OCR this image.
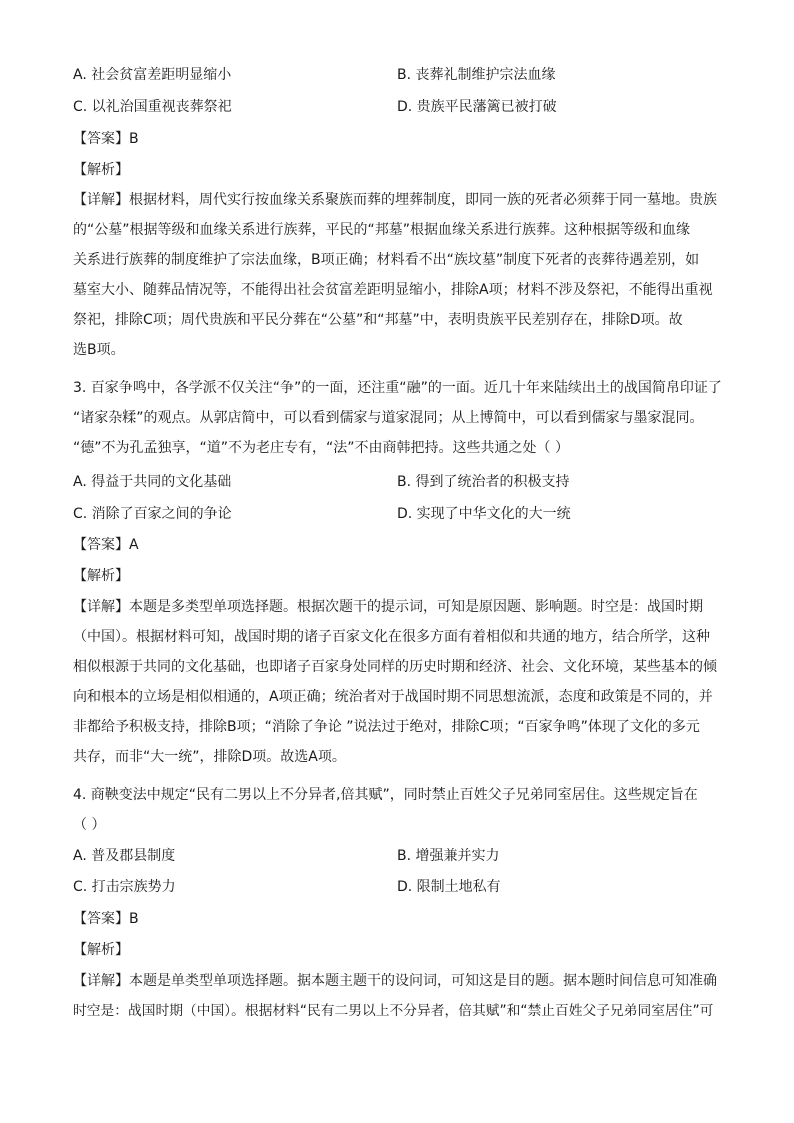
A. 社会贫富差距明显缩小	B. 丧葬礼制维护宗法血缘
C. 以礼治国重视丧葬祭祀	D. 贵族平民藩篱已被打破
【答案】B
【解析】
【详解】根据材料，周代实行按血缘关系聚族而葬的埋葬制度，即同一族的死者必须葬于同一墓地。贵族
的“公墓”根据等级和血缘关系进行族葬，平民的“邦墓”根据血缘关系进行族葬。这种根据等级和血缘
关系进行族葬的制度维护了宗法血缘，B项正确；材料看不出“族坟墓”制度下死者的丧葬待遇差别，如
墓室大小、随葬品情况等，不能得出社会贫富差距明显缩小，排除A项；材料不涉及祭祀，不能得出重视
祭祀，排除C项；周代贵族和平民分葬在“公墓”和“邦墓”中，表明贵族平民差别存在，排除D项。故
选B项。
3. 百家争鸣中，各学派不仅关注“争”的一面，还注重“融”的一面。近几十年来陆续出土的战国简帛印证了
“诸家杂糅”的观点。从郭店简中，可以看到儒家与道家混同；从上博简中，可以看到儒家与墨家混同。
“德”不为孔孟独享，“道”不为老庄专有，“法”不由商韩把持。这些共通之处（ ）
A. 得益于共同的文化基础	B. 得到了统治者的积极支持
C. 消除了百家之间的争论	D. 实现了中华文化的大一统
【答案】A
【解析】
【详解】本题是多类型单项选择题。根据次题干的提示词，可知是原因题、影响题。时空是：战国时期
（中国）。根据材料可知，战国时期的诸子百家文化在很多方面有着相似和共通的地方，结合所学，这种
相似根源于共同的文化基础，也即诸子百家身处同样的历史时期和经济、社会、文化环境，某些基本的倾
向和根本的立场是相似相通的，A项正确；统治者对于战国时期不同思想流派，态度和政策是不同的，并
非都给予积极支持，排除B项；“消除了争论 ”说法过于绝对，排除C项；“百家争鸣”体现了文化的多元
共存，而非“大一统”，排除D项。故选A项。
4. 商鞅变法中规定“民有二男以上不分异者,倍其赋”，同时禁止百姓父子兄弟同室居住。这些规定旨在
（ ）
A. 普及郡县制度	B. 增强兼并实力
C. 打击宗族势力	D. 限制土地私有
【答案】B
【解析】
【详解】本题是单类型单项选择题。据本题主题干的设问词，可知这是目的题。据本题时间信息可知准确
时空是：战国时期（中国）。根据材料“民有二男以上不分异者，倍其赋”和“禁止百姓父子兄弟同室居住”可
